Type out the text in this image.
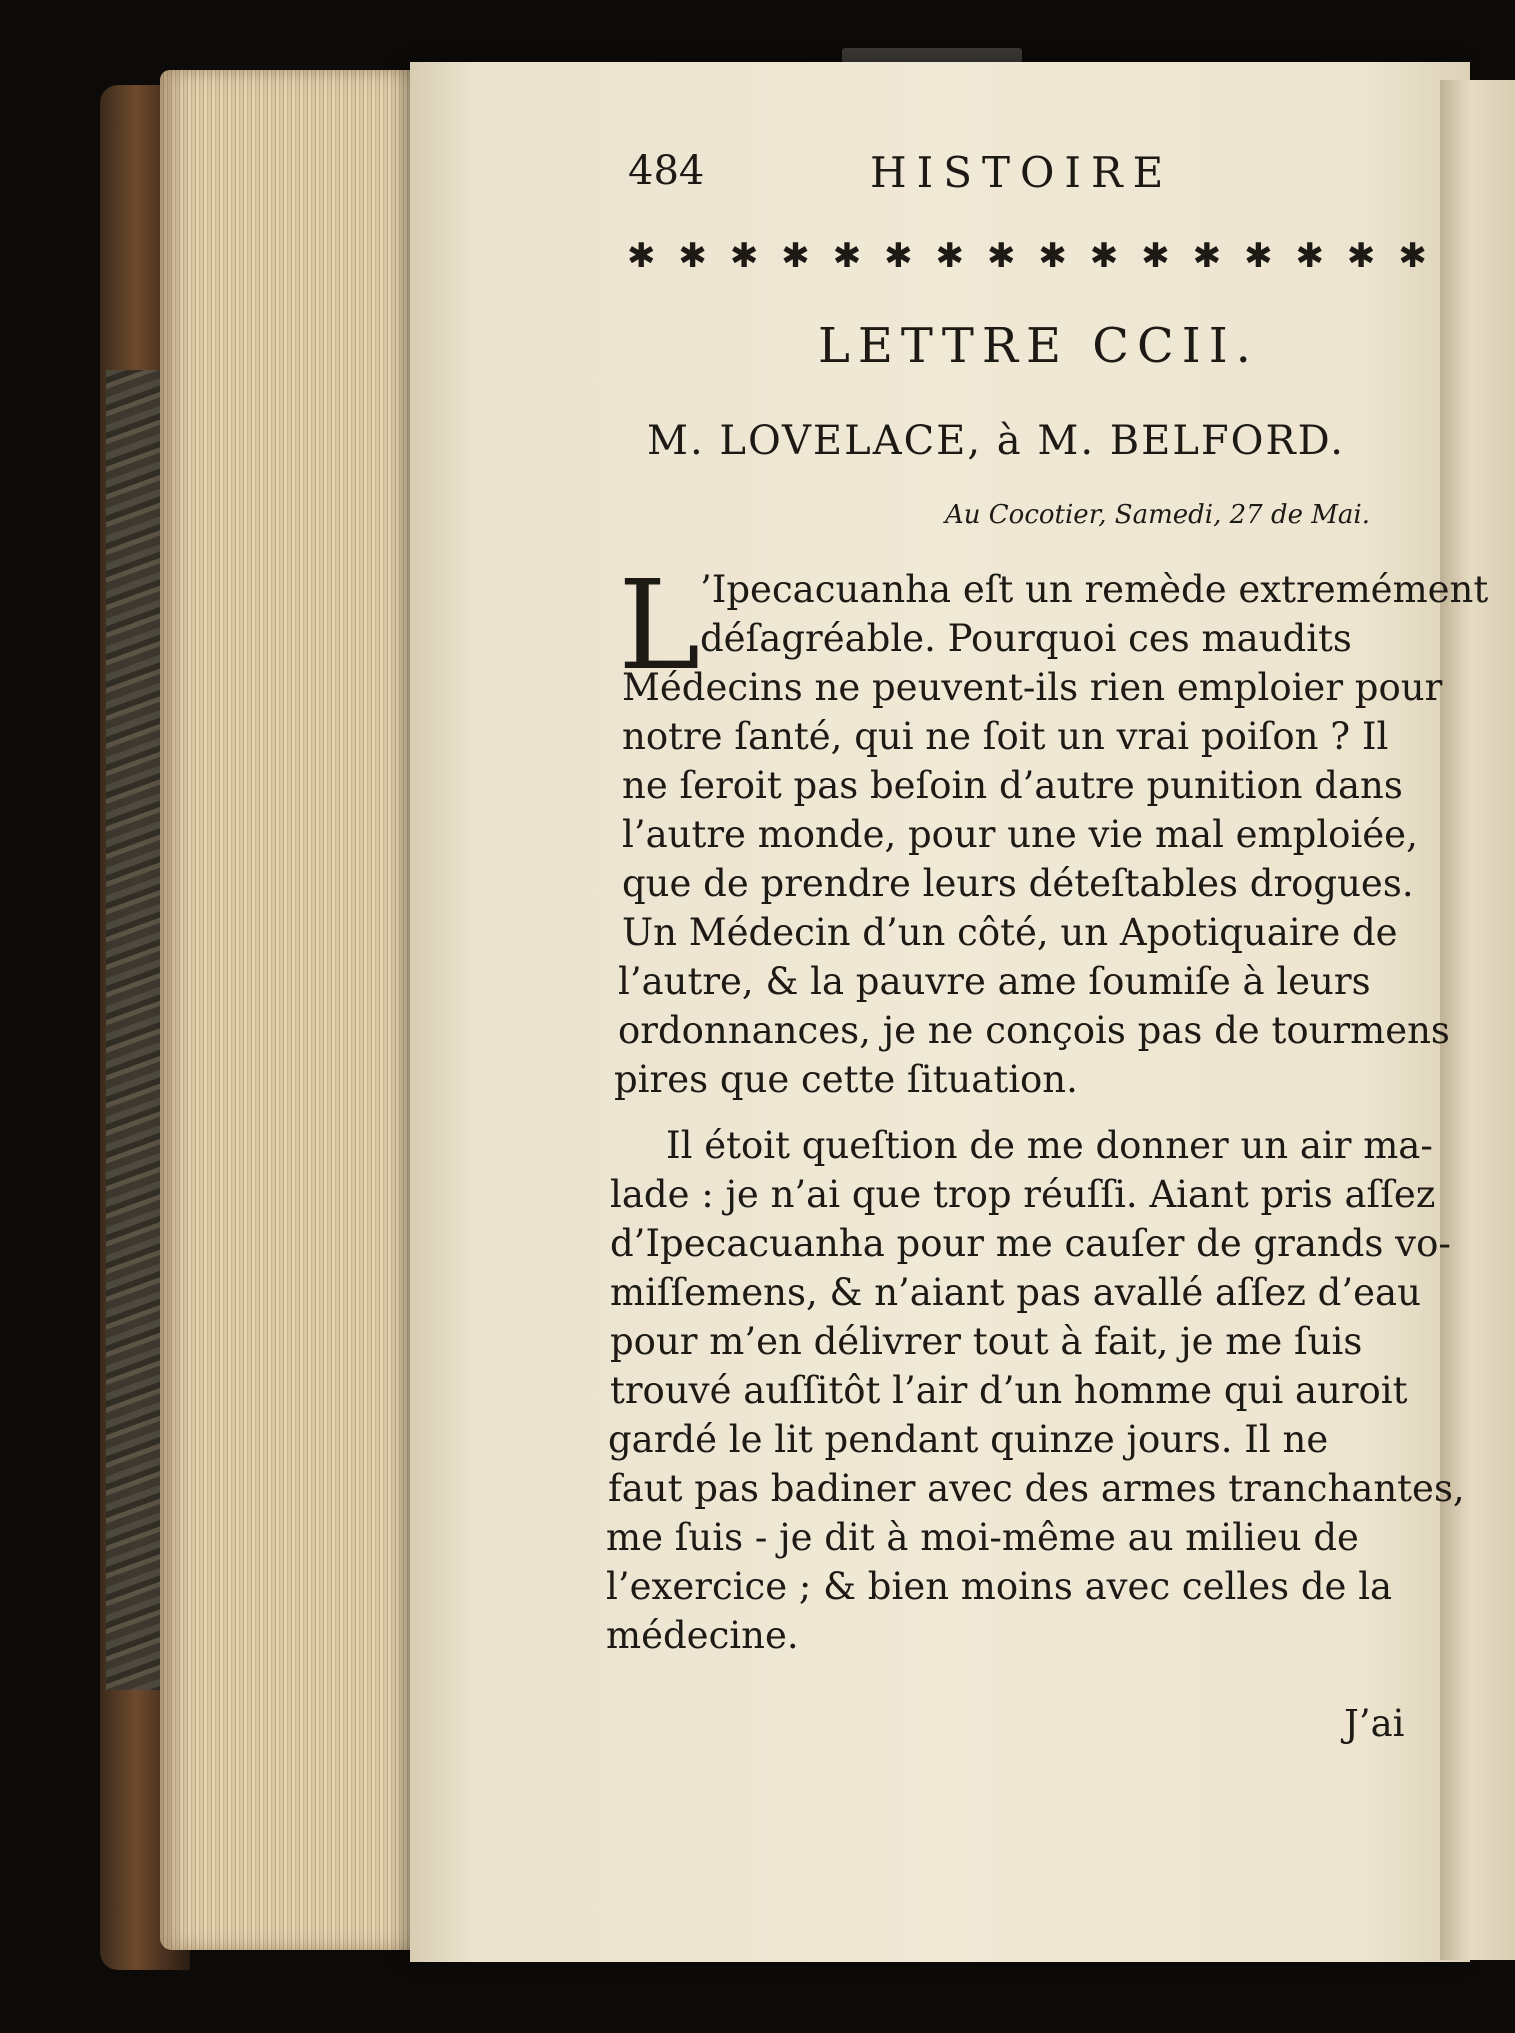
484	HISTOIRE
✱ ✱ ✱ ✱ ✱ ✱ ✱ ✱ ✱ ✱ ✱ ✱ ✱ ✱ ✱ ✱
LETTRE CCII.
M. LOVELACE, à M. BELFORD.
Au Cocotier, Samedi, 27 de Mai.
L ’Ipecacuanha eſt un remède extremément
déſagréable. Pourquoi ces maudits
Médecins ne peuvent-ils rien emploier pour
notre ſanté, qui ne ſoit un vrai poiſon ? Il
ne ſeroit pas beſoin d’autre punition dans
l’autre monde, pour une vie mal emploiée,
que de prendre leurs déteſtables drogues.
Un Médecin d’un côté, un Apotiquaire de
l’autre, & la pauvre ame ſoumiſe à leurs
ordonnances, je ne conçois pas de tourmens
pires que cette ſituation.
Il étoit queſtion de me donner un air ma-
lade : je n’ai que trop réuſſi. Aiant pris aſſez
d’Ipecacuanha pour me cauſer de grands vo-
miſſemens, & n’aiant pas avallé aſſez d’eau
pour m’en délivrer tout à fait, je me ſuis
trouvé auſſitôt l’air d’un homme qui auroit
gardé le lit pendant quinze jours. Il ne
faut pas badiner avec des armes tranchantes,
me ſuis - je dit à moi-même au milieu de
l’exercice ; & bien moins avec celles de la
médecine.
J’ai
